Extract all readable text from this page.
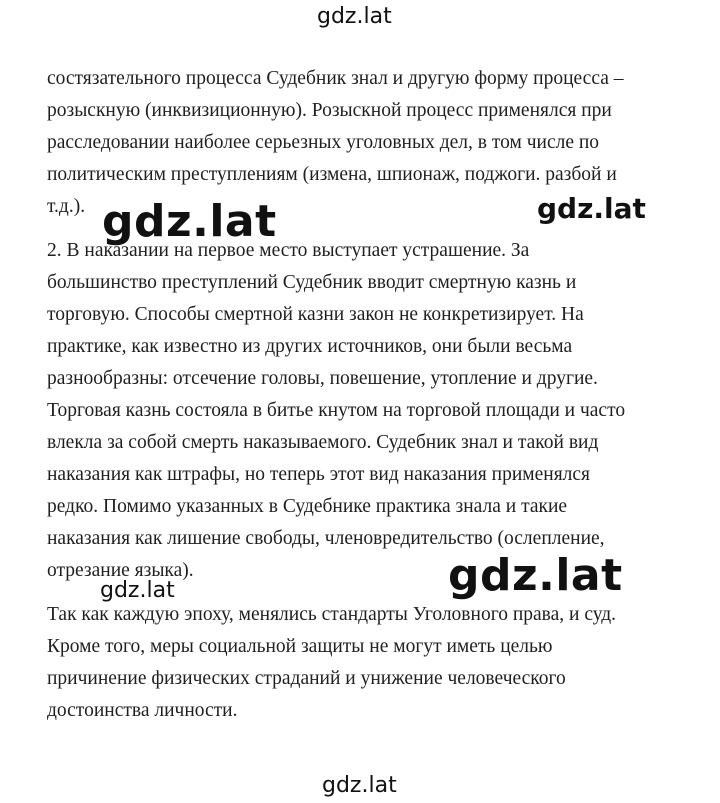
gdz.lat
состязательного процесса Судебник знал и другую форму процесса –
розыскную (инквизиционную). Розыскной процесс применялся при
расследовании наиболее серьезных уголовных дел, в том числе по
политическим преступлениям (измена, шпионаж, поджоги. разбой и
т.д.).
2. В наказании на первое место выступает устрашение. За
большинство преступлений Судебник вводит смертную казнь и
торговую. Способы смертной казни закон не конкретизирует. На
практике, как известно из других источников, они были весьма
разнообразны: отсечение головы, повешение, утопление и другие.
Торговая казнь состояла в битье кнутом на торговой площади и часто
влекла за собой смерть наказываемого. Судебник знал и такой вид
наказания как штрафы, но теперь этот вид наказания применялся
редко. Помимо указанных в Судебнике практика знала и такие
наказания как лишение свободы, членовредительство (ослепление,
отрезание языка).
Так как каждую эпоху, менялись стандарты Уголовного права, и суд.
Кроме того, меры социальной защиты не могут иметь целью
причинение физических страданий и унижение человеческого
достоинства личности.
gdz.lat	gdz.lat
gdz.lat
gdz.lat
gdz.lat
